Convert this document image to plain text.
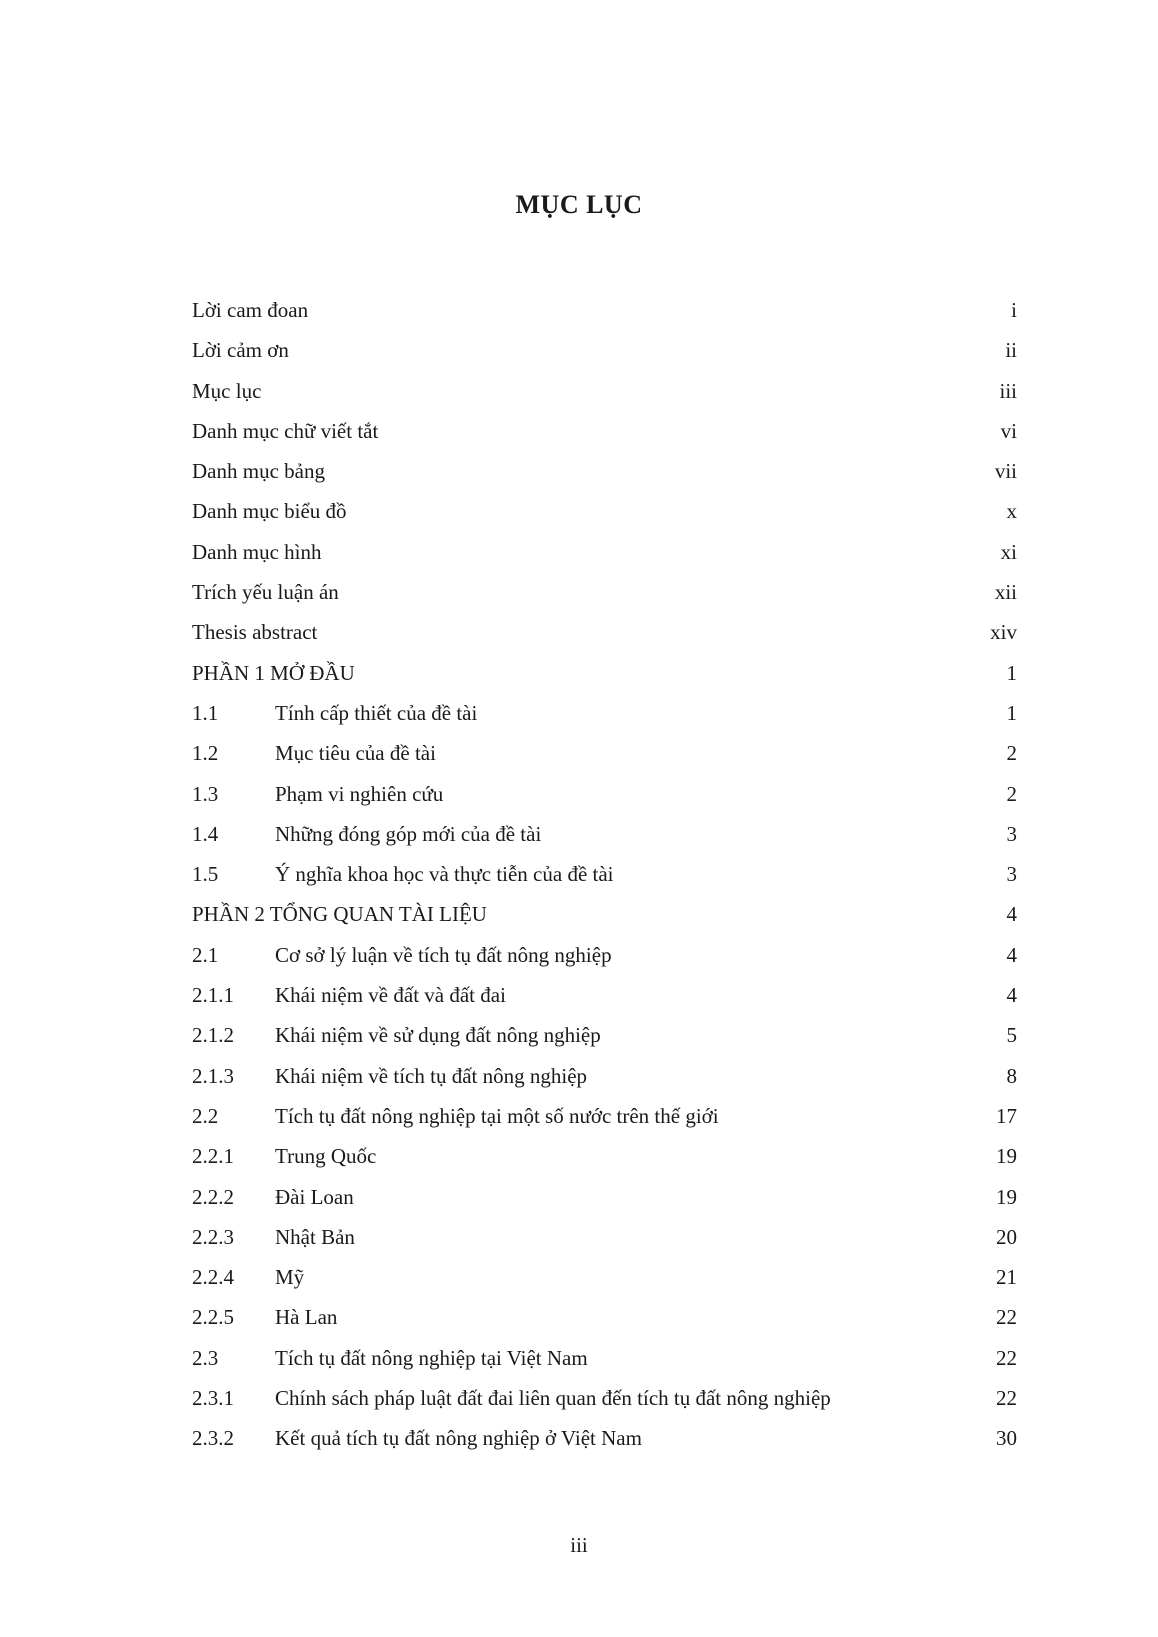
MỤC LỤC
Lời cam đoan	i
Lời cảm ơn	ii
Mục lục	iii
Danh mục chữ viết tắt	vi
Danh mục bảng	vii
Danh mục biểu đồ	x
Danh mục hình	xi
Trích yếu luận án	xii
Thesis abstract	xiv
PHẦN 1 MỞ ĐẦU	1
1.1	Tính cấp thiết của đề tài	1
1.2	Mục tiêu của đề tài	2
1.3	Phạm vi nghiên cứu	2
1.4	Những đóng góp mới của đề tài	3
1.5	Ý nghĩa khoa học và thực tiễn của đề tài	3
PHẦN 2 TỔNG QUAN TÀI LIỆU	4
2.1	Cơ sở lý luận về tích tụ đất nông nghiệp	4
2.1.1 Khái niệm về đất và đất đai	4
2.1.2 Khái niệm về sử dụng đất nông nghiệp	5
2.1.3 Khái niệm về tích tụ đất nông nghiệp	8
2.2	Tích tụ đất nông nghiệp tại một số nước trên thế giới	17
2.2.1 Trung Quốc	19
2.2.2 Đài Loan	19
2.2.3 Nhật Bản	20
2.2.4 Mỹ	21
2.2.5 Hà Lan	22
2.3	Tích tụ đất nông nghiệp tại Việt Nam	22
2.3.1 Chính sách pháp luật đất đai liên quan đến tích tụ đất nông nghiệp	22
2.3.2 Kết quả tích tụ đất nông nghiệp ở Việt Nam	30
iii
